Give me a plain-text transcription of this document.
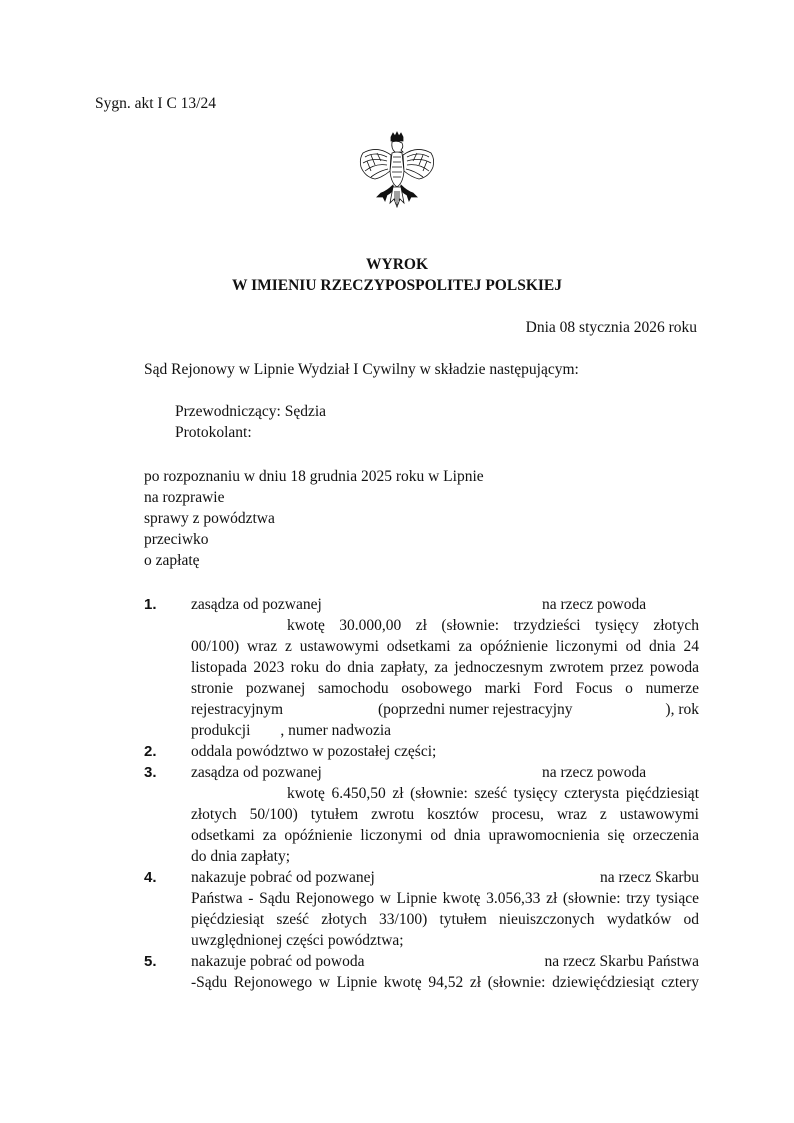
Sygn. akt I C 13/24
WYROK
W IMIENIU RZECZYPOSPOLITEJ POLSKIEJ
Dnia 08 stycznia 2026 roku
Sąd Rejonowy w Lipnie Wydział I Cywilny w składzie następującym:
Przewodniczący: Sędzia
Protokolant:
po rozpoznaniu w dniu 18 grudnia 2025 roku w Lipnie
na rozprawie
sprawy z powództwa
przeciwko
o zapłatę
1. zasądza od pozwanej	na rzecz powoda
kwotę 30.000,00 zł (słownie: trzydzieści tysięcy złotych
00/100) wraz z ustawowymi odsetkami za opóźnienie liczonymi od dnia 24
listopada 2023 roku do dnia zapłaty, za jednoczesnym zwrotem przez powoda
stronie pozwanej samochodu osobowego marki Ford Focus o numerze
rejestracyjnym	(poprzedni numer rejestracyjny	), rok
produkcji , numer nadwozia
2. oddala powództwo w pozostałej części;
3. zasądza od pozwanej	na rzecz powoda
kwotę 6.450,50 zł (słownie: sześć tysięcy czterysta pięćdziesiąt
złotych 50/100) tytułem zwrotu kosztów procesu, wraz z ustawowymi
odsetkami za opóźnienie liczonymi od dnia uprawomocnienia się orzeczenia
do dnia zapłaty;
4. nakazuje pobrać od pozwanej	na rzecz Skarbu
Państwa - Sądu Rejonowego w Lipnie kwotę 3.056,33 zł (słownie: trzy tysiące
pięćdziesiąt sześć złotych 33/100) tytułem nieuiszczonych wydatków od
uwzględnionej części powództwa;
5. nakazuje pobrać od powoda	na rzecz Skarbu Państwa
-Sądu Rejonowego w Lipnie kwotę 94,52 zł (słownie: dziewięćdziesiąt cztery
